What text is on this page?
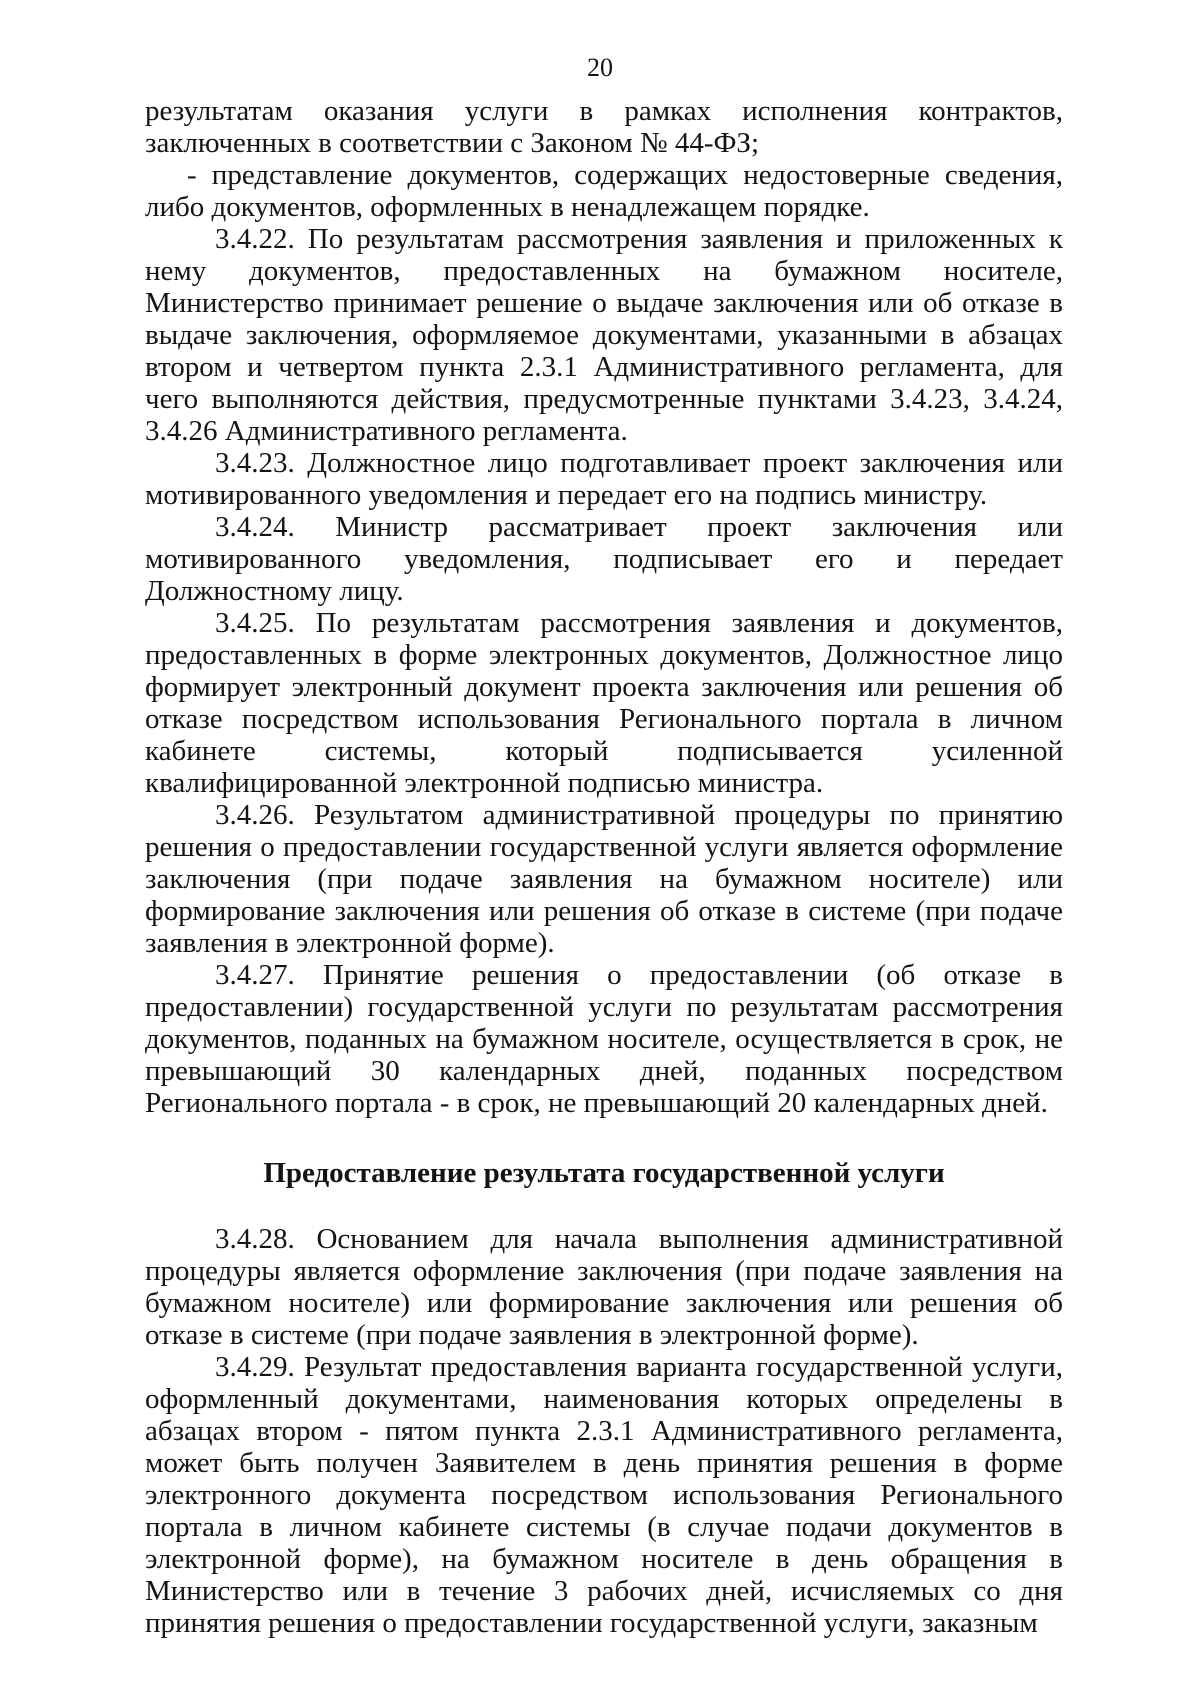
20

результатам оказания услуги в рамках исполнения контрактов, заключенных в соответствии с Законом № 44-ФЗ;

- представление документов, содержащих недостоверные сведения, либо документов, оформленных в ненадлежащем порядке.

3.4.22. По результатам рассмотрения заявления и приложенных к нему документов, предоставленных на бумажном носителе, Министерство принимает решение о выдаче заключения или об отказе в выдаче заключения, оформляемое документами, указанными в абзацах втором и четвертом пункта 2.3.1 Административного регламента, для чего выполняются действия, предусмотренные пунктами 3.4.23, 3.4.24, 3.4.26 Административного регламента.

3.4.23. Должностное лицо подготавливает проект заключения или мотивированного уведомления и передает его на подпись министру.

3.4.24. Министр рассматривает проект заключения или мотивированного уведомления, подписывает его и передает Должностному лицу.

3.4.25. По результатам рассмотрения заявления и документов, предоставленных в форме электронных документов, Должностное лицо формирует электронный документ проекта заключения или решения об отказе посредством использования Регионального портала в личном кабинете системы, который подписывается усиленной квалифицированной электронной подписью министра.

3.4.26. Результатом административной процедуры по принятию решения о предоставлении государственной услуги является оформление заключения (при подаче заявления на бумажном носителе) или формирование заключения или решения об отказе в системе (при подаче заявления в электронной форме).

3.4.27. Принятие решения о предоставлении (об отказе в предоставлении) государственной услуги по результатам рассмотрения документов, поданных на бумажном носителе, осуществляется в срок, не превышающий 30 календарных дней, поданных посредством Регионального портала - в срок, не превышающий 20 календарных дней.

Предоставление результата государственной услуги

3.4.28. Основанием для начала выполнения административной процедуры является оформление заключения (при подаче заявления на бумажном носителе) или формирование заключения или решения об отказе в системе (при подаче заявления в электронной форме).

3.4.29. Результат предоставления варианта государственной услуги, оформленный документами, наименования которых определены в абзацах втором - пятом пункта 2.3.1 Административного регламента, может быть получен Заявителем в день принятия решения в форме электронного документа посредством использования Регионального портала в личном кабинете системы (в случае подачи документов в электронной форме), на бумажном носителе в день обращения в Министерство или в течение 3 рабочих дней, исчисляемых со дня принятия решения о предоставлении государственной услуги, заказным
